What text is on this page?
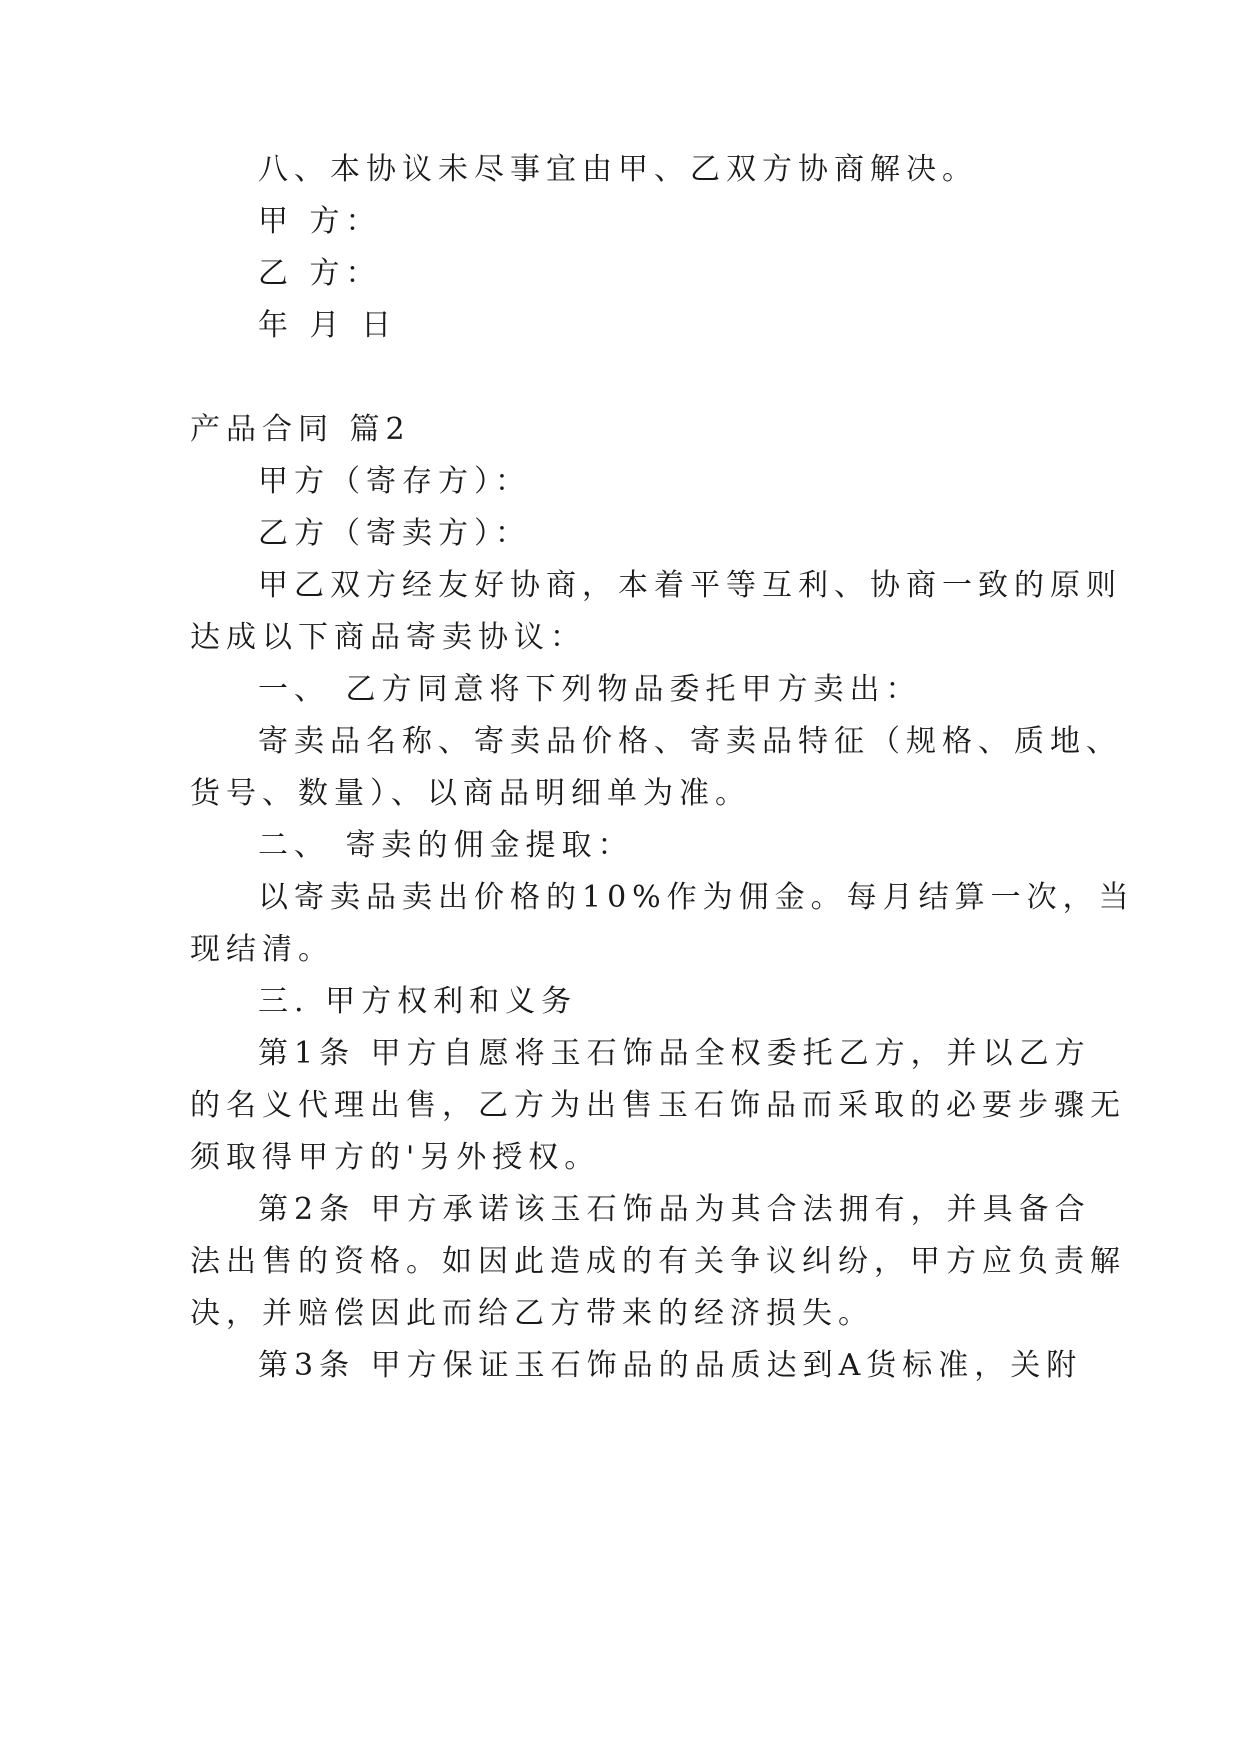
八、本协议未尽事宜由甲、乙双方协商解决。
甲 方：
乙 方：
年 月 日
产品合同 篇2
甲方（寄存方）：
乙方（寄卖方）：
甲乙双方经友好协商，本着平等互利、协商一致的原则
达成以下商品寄卖协议：
一、 乙方同意将下列物品委托甲方卖出：
寄卖品名称、寄卖品价格、寄卖品特征（规格、质地、
货号、数量）、以商品明细单为准。
二、 寄卖的佣金提取：
以寄卖品卖出价格的10%作为佣金。每月结算一次，当
现结清。
三. 甲方权利和义务
第1条 甲方自愿将玉石饰品全权委托乙方，并以乙方
的名义代理出售，乙方为出售玉石饰品而采取的必要步骤无
须取得甲方的'另外授权。
第2条 甲方承诺该玉石饰品为其合法拥有，并具备合
法出售的资格。如因此造成的有关争议纠纷，甲方应负责解
决，并赔偿因此而给乙方带来的经济损失。
第3条 甲方保证玉石饰品的品质达到A货标准，关附
